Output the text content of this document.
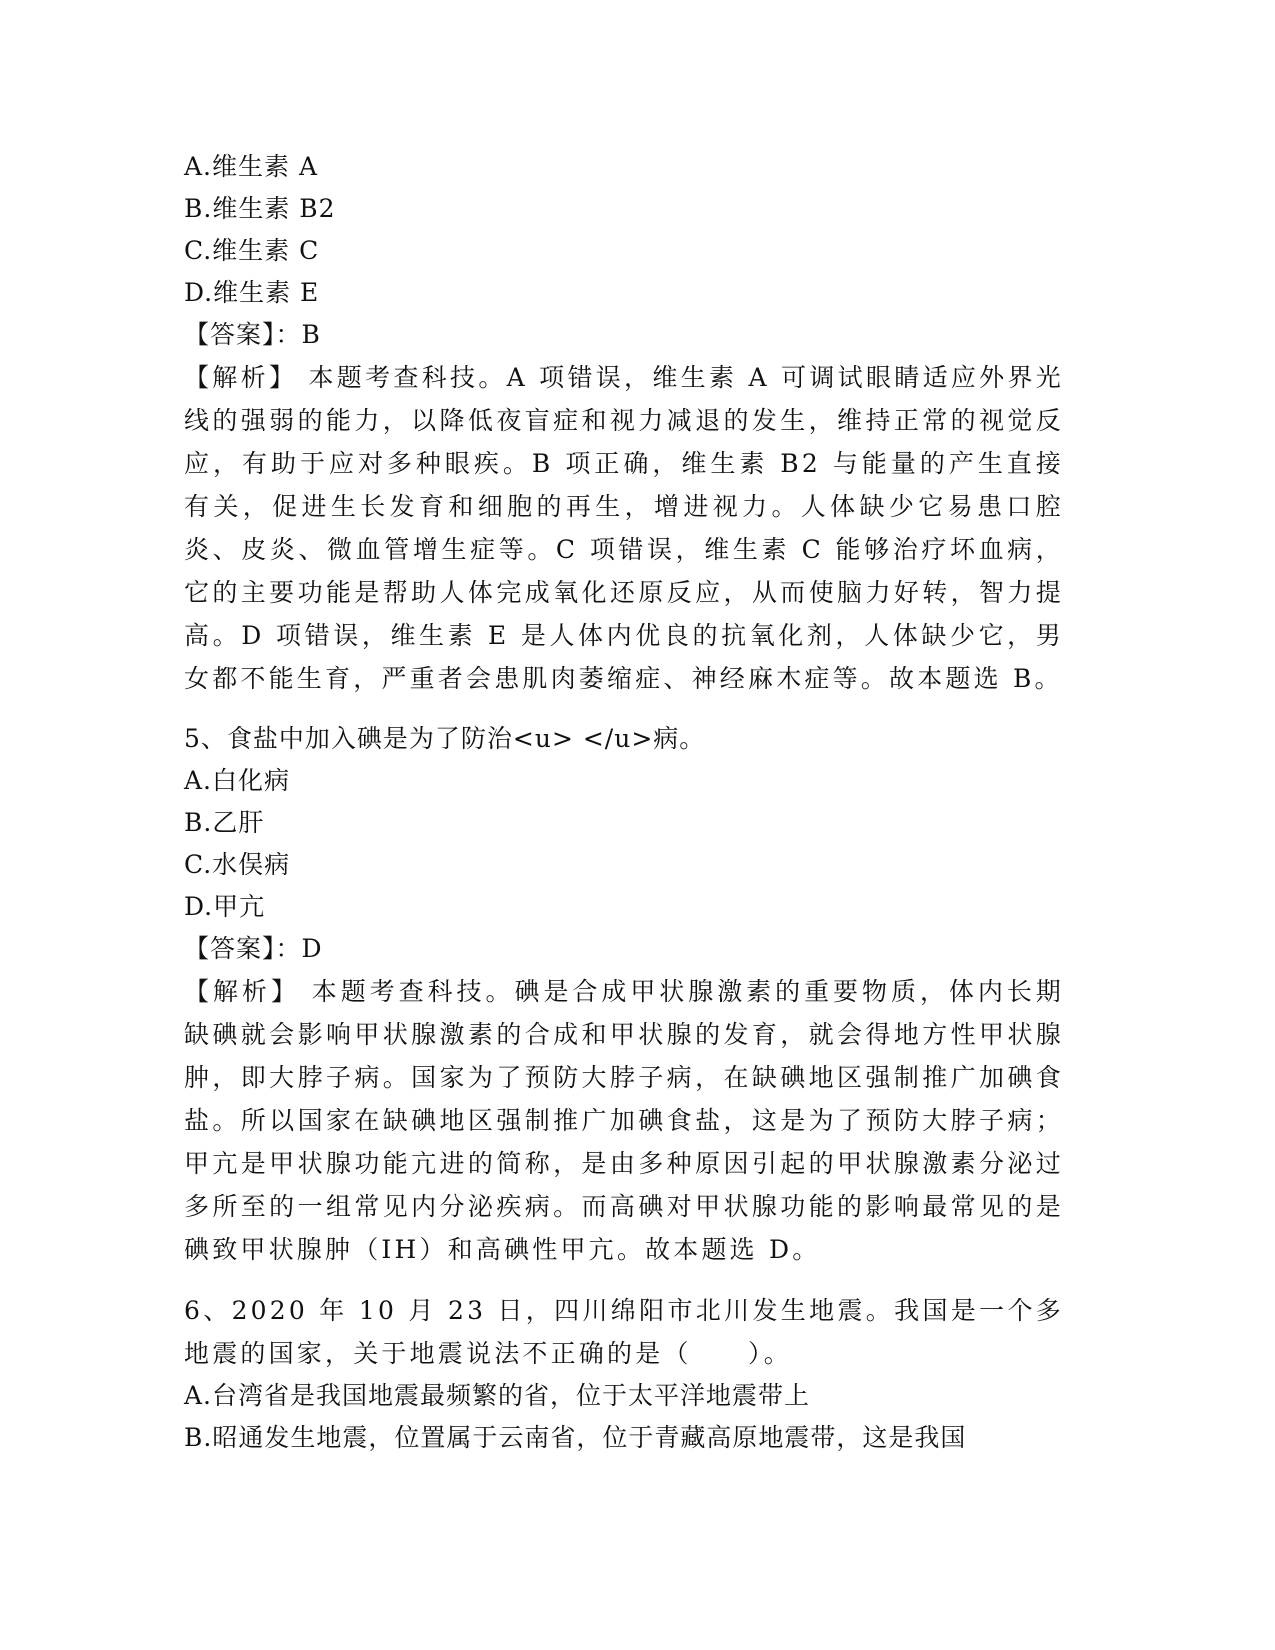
A.维生素 A
B.维生素 B2
C.维生素 C
D.维生素 E
【答案】：B
【解析】 本题考查科技。A 项错误，维生素 A 可调试眼睛适应外界光线的强弱的能力，以降低夜盲症和视力减退的发生，维持正常的视觉反应，有助于应对多种眼疾。B 项正确，维生素 B2 与能量的产生直接有关，促进生长发育和细胞的再生，增进视力。人体缺少它易患口腔炎、皮炎、微血管增生症等。C 项错误，维生素 C 能够治疗坏血病，它的主要功能是帮助人体完成氧化还原反应，从而使脑力好转，智力提高。D 项错误，维生素 E 是人体内优良的抗氧化剂，人体缺少它，男女都不能生育，严重者会患肌肉萎缩症、神经麻木症等。故本题选 B。
5、食盐中加入碘是为了防治<u> </u>病。
A.白化病
B.乙肝
C.水俣病
D.甲亢
【答案】：D
【解析】 本题考查科技。碘是合成甲状腺激素的重要物质，体内长期缺碘就会影响甲状腺激素的合成和甲状腺的发育，就会得地方性甲状腺肿，即大脖子病。国家为了预防大脖子病，在缺碘地区强制推广加碘食盐。所以国家在缺碘地区强制推广加碘食盐，这是为了预防大脖子病；甲亢是甲状腺功能亢进的简称，是由多种原因引起的甲状腺激素分泌过多所至的一组常见内分泌疾病。而高碘对甲状腺功能的影响最常见的是碘致甲状腺肿（IH）和高碘性甲亢。故本题选 D。
6、2020 年 10 月 23 日，四川绵阳市北川发生地震。我国是一个多地震的国家，关于地震说法不正确的是（　　）。
A.台湾省是我国地震最频繁的省，位于太平洋地震带上
B.昭通发生地震，位置属于云南省，位于青藏高原地震带，这是我国
